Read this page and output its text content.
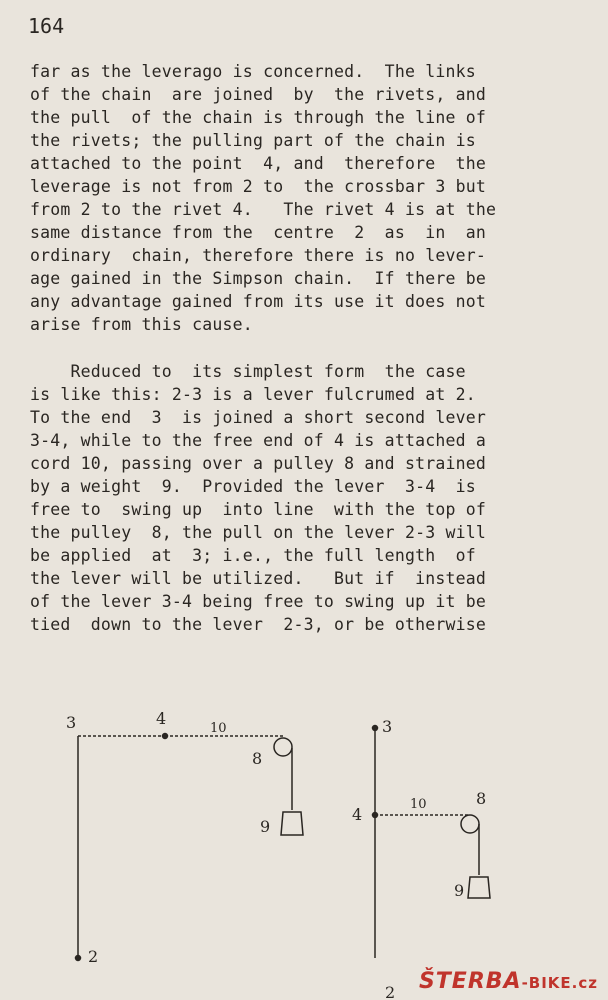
164
far as the leverago is concerned.  The links
of the chain  are joined  by  the rivets, and
the pull  of the chain is through the line of
the rivets; the pulling part of the chain is
attached to the point  4, and  therefore  the
leverage is not from 2 to  the crossbar 3 but
from 2 to the rivet 4.   The rivet 4 is at the
same distance from the  centre  2  as  in  an
ordinary  chain, therefore there is no lever-
age gained in the Simpson chain.  If there be
any advantage gained from its use it does not
arise from this cause.
Reduced to  its simplest form  the case
is like this: 2-3 is a lever fulcrumed at 2.
To the end  3  is joined a short second lever
3-4, while to the free end of 4 is attached a
cord 10, passing over a pulley 8 and strained
by a weight  9.  Provided the lever  3-4  is
free to  swing up  into line  with the top of
the pulley  8, the pull on the lever 2-3 will
be applied  at  3; i.e., the full length  of
the lever will be utilized.   But if  instead
of the lever 3-4 being free to swing up it be
tied  down to the lever  2-3, or be otherwise
3	4
10
8
9
2
3
4
10	8
9
2 ŠTERBA-BIKE.cz
